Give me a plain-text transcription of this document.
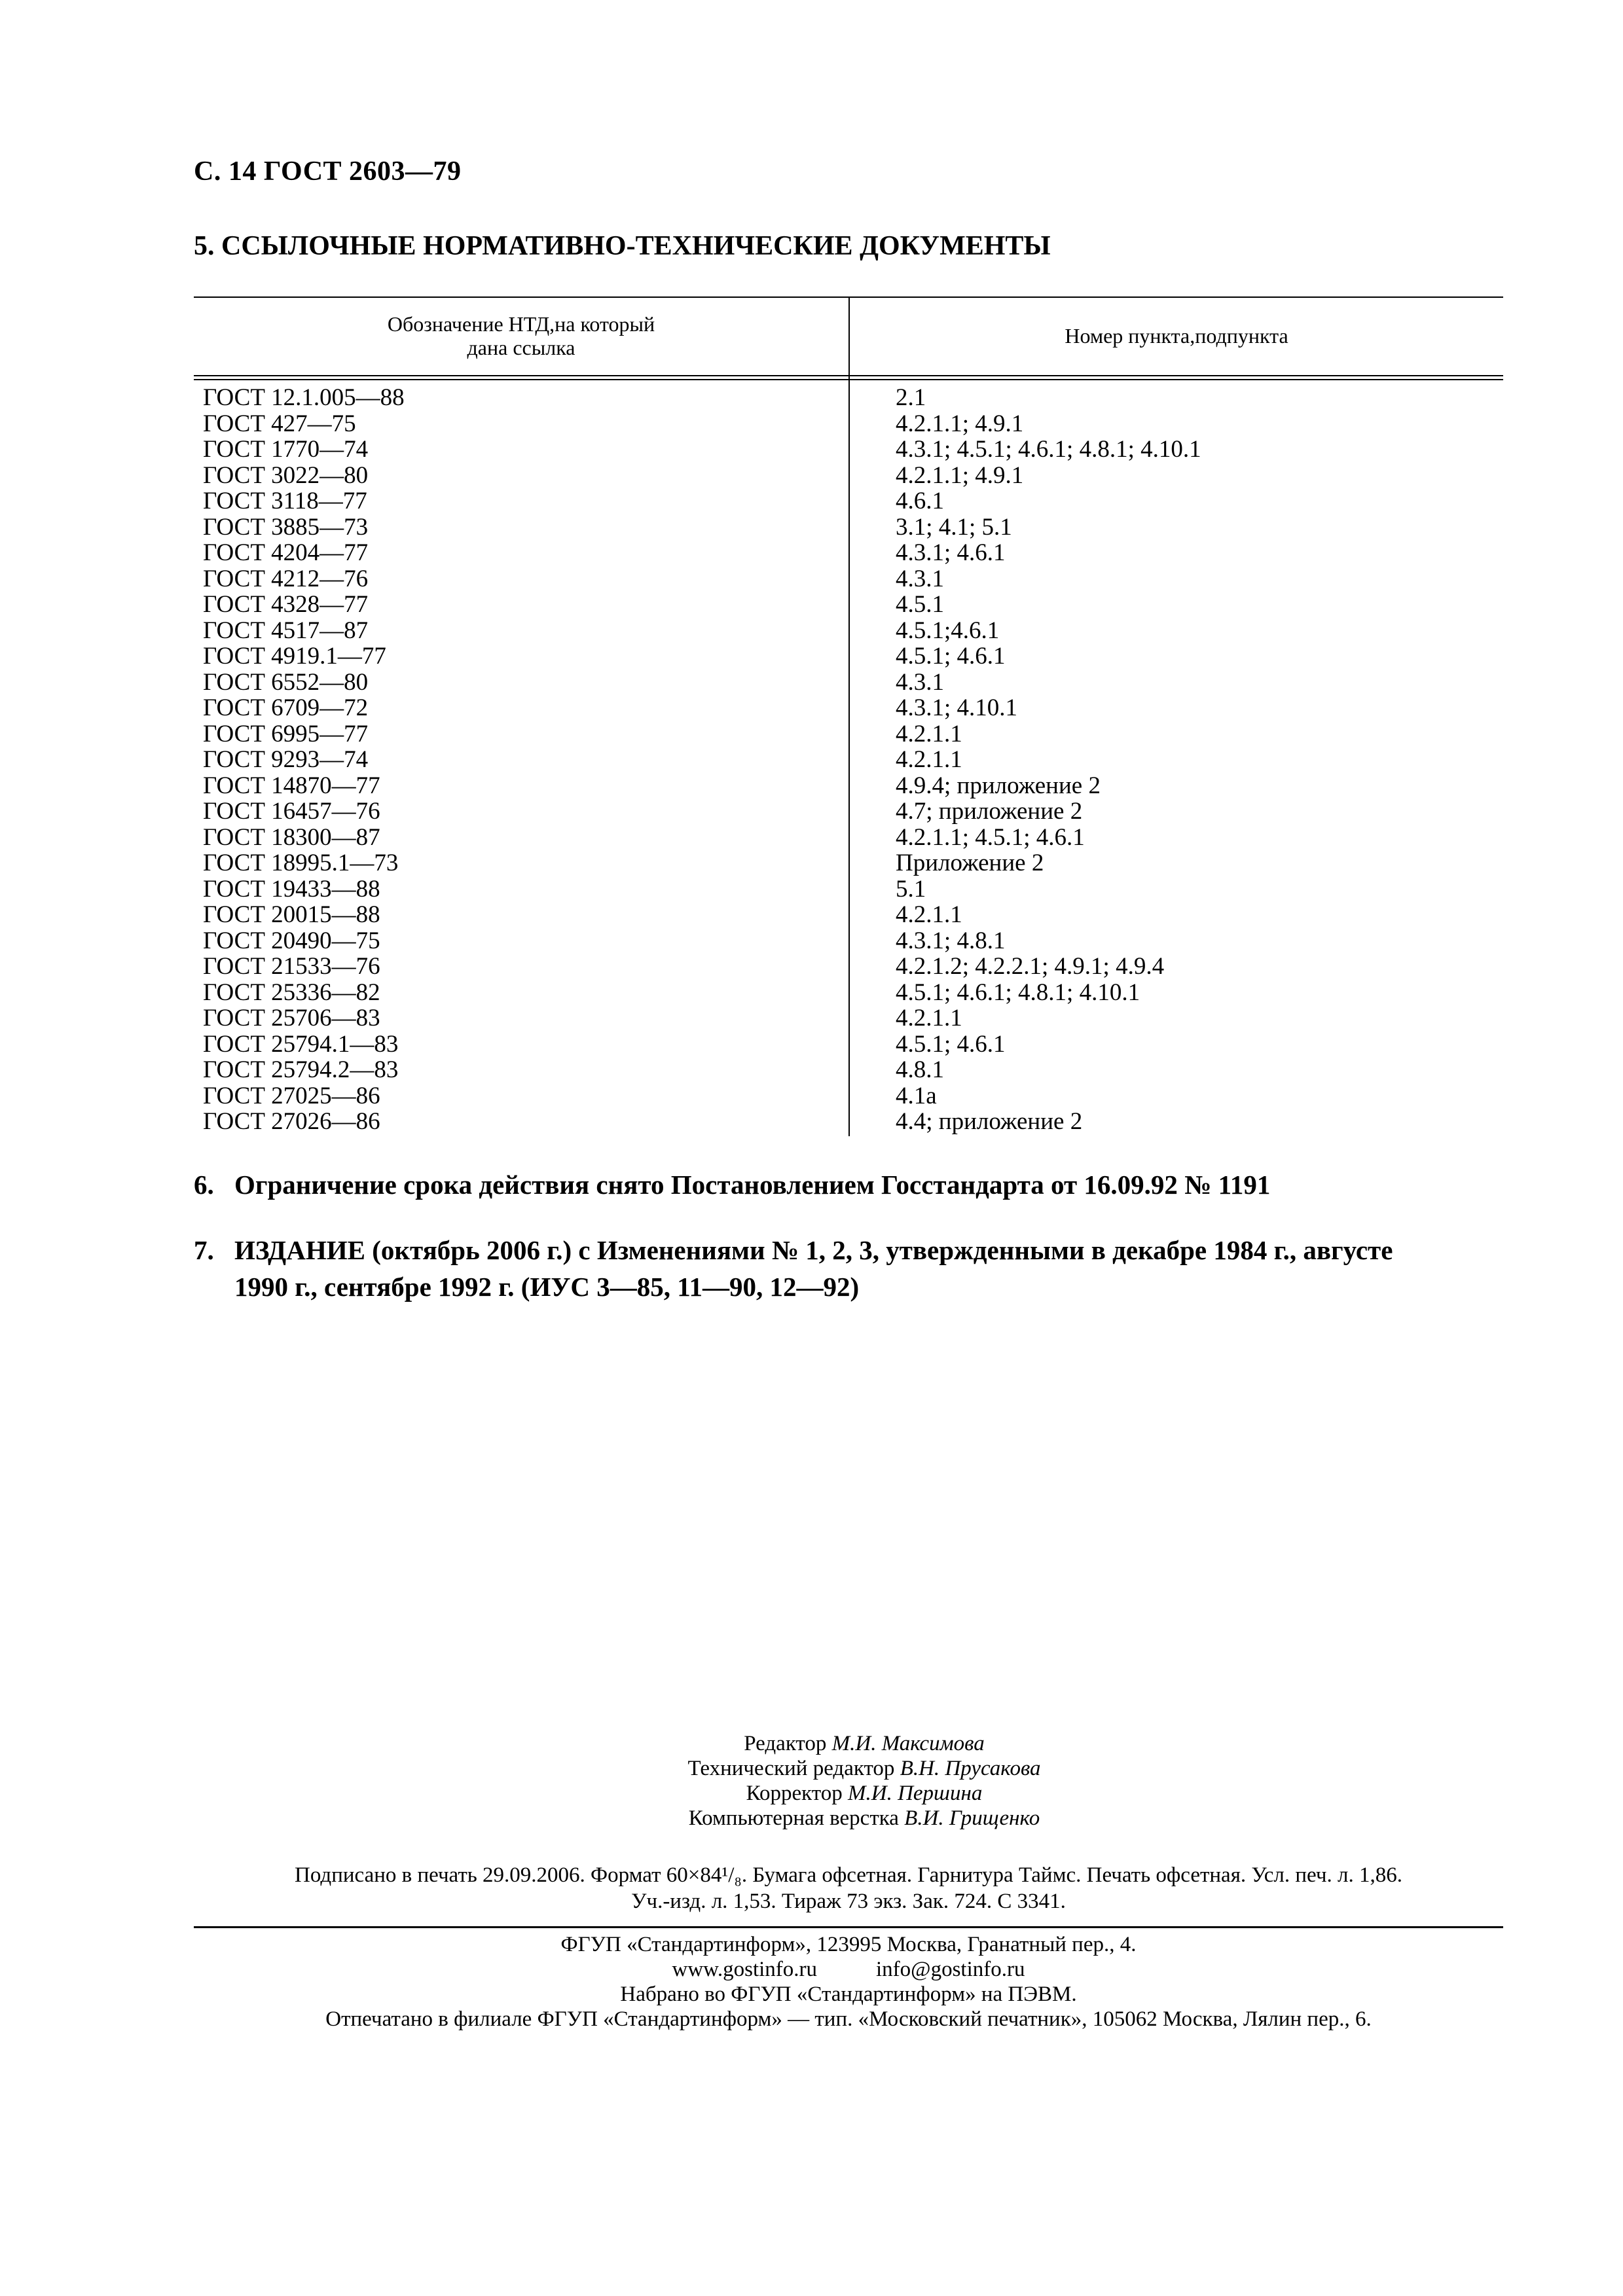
С. 14 ГОСТ 2603—79
5. ССЫЛОЧНЫЕ НОРМАТИВНО-ТЕХНИЧЕСКИЕ ДОКУМЕНТЫ
Обозначение НТД,на который
дана ссылка	Номер пункта,подпункта
ГОСТ 12.1.005—88
ГОСТ 427—75
ГОСТ 1770—74
ГОСТ 3022—80
ГОСТ 3118—77
ГОСТ 3885—73
ГОСТ 4204—77
ГОСТ 4212—76
ГОСТ 4328—77
ГОСТ 4517—87
ГОСТ 4919.1—77
ГОСТ 6552—80
ГОСТ 6709—72
ГОСТ 6995—77
ГОСТ 9293—74
ГОСТ 14870—77
ГОСТ 16457—76
ГОСТ 18300—87
ГОСТ 18995.1—73
ГОСТ 19433—88
ГОСТ 20015—88
ГОСТ 20490—75
ГОСТ 21533—76
ГОСТ 25336—82
ГОСТ 25706—83
ГОСТ 25794.1—83
ГОСТ 25794.2—83
ГОСТ 27025—86
ГОСТ 27026—86
2.1
4.2.1.1; 4.9.1
4.3.1; 4.5.1; 4.6.1; 4.8.1; 4.10.1
4.2.1.1; 4.9.1
4.6.1
3.1; 4.1; 5.1
4.3.1; 4.6.1
4.3.1
4.5.1
4.5.1;4.6.1
4.5.1; 4.6.1
4.3.1
4.3.1; 4.10.1
4.2.1.1
4.2.1.1
4.9.4; приложение 2
4.7; приложение 2
4.2.1.1; 4.5.1; 4.6.1
Приложение 2
5.1
4.2.1.1
4.3.1; 4.8.1
4.2.1.2; 4.2.2.1; 4.9.1; 4.9.4
4.5.1; 4.6.1; 4.8.1; 4.10.1
4.2.1.1
4.5.1; 4.6.1
4.8.1
4.1а
4.4; приложение 2
6. Ограничение срока действия снято Постановлением Госстандарта от 16.09.92 № 1191
7. ИЗДАНИЕ (октябрь 2006 г.) с Изменениями № 1, 2, 3, утвержденными в декабре 1984 г., августе
1990 г., сентябре 1992 г. (ИУС 3—85, 11—90, 12—92)
Редактор М.И. Максимова
Технический редактор В.Н. Прусакова
Корректор М.И. Першина
Компьютерная верстка В.И. Грищенко
Подписано в печать 29.09.2006. Формат 60×84¹/₈. Бумага офсетная. Гарнитура Таймс. Печать офсетная. Усл. печ. л. 1,86.
Уч.-изд. л. 1,53. Тираж 73 экз. Зак. 724. С 3341.
ФГУП «Стандартинформ», 123995 Москва, Гранатный пер., 4.
www.gostinfo.ru	info@gostinfo.ru
Набрано во ФГУП «Стандартинформ» на ПЭВМ.
Отпечатано в филиале ФГУП «Стандартинформ» — тип. «Московский печатник», 105062 Москва, Лялин пер., 6.
